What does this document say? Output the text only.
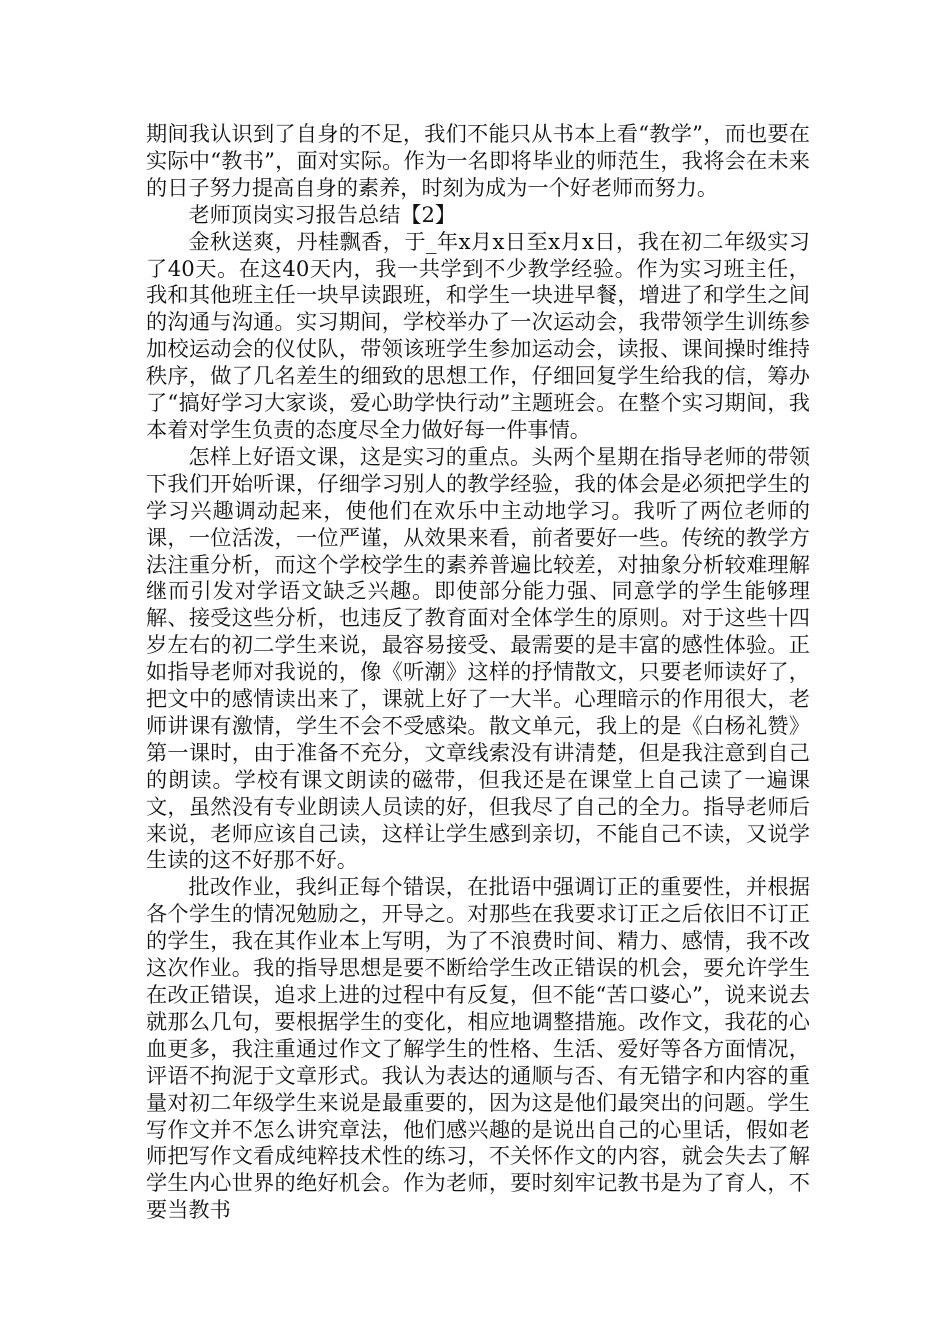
期间我认识到了自身的不足，我们不能只从书本上看“教学”，而也要在实际中“教书”，面对实际。作为一名即将毕业的师范生，我将会在未来的日子努力提高自身的素养，时刻为成为一个好老师而努力。

老师顶岗实习报告总结【2】

金秋送爽，丹桂飘香，于_年x月x日至x月x日，我在初二年级实习了40天。在这40天内，我一共学到不少教学经验。作为实习班主任，我和其他班主任一块早读跟班，和学生一块进早餐，增进了和学生之间的沟通与沟通。实习期间，学校举办了一次运动会，我带领学生训练参加校运动会的仪仗队，带领该班学生参加运动会，读报、课间操时维持秩序，做了几名差生的细致的思想工作，仔细回复学生给我的信，筹办了“搞好学习大家谈，爱心助学快行动”主题班会。在整个实习期间，我本着对学生负责的态度尽全力做好每一件事情。

怎样上好语文课，这是实习的重点。头两个星期在指导老师的带领下我们开始听课，仔细学习别人的教学经验，我的体会是必须把学生的学习兴趣调动起来，使他们在欢乐中主动地学习。我听了两位老师的课，一位活泼，一位严谨，从效果来看，前者要好一些。传统的教学方法注重分析，而这个学校学生的素养普遍比较差，对抽象分析较难理解继而引发对学语文缺乏兴趣。即使部分能力强、同意学的学生能够理解、接受这些分析，也违反了教育面对全体学生的原则。对于这些十四岁左右的初二学生来说，最容易接受、最需要的是丰富的感性体验。正如指导老师对我说的，像《听潮》这样的抒情散文，只要老师读好了，把文中的感情读出来了，课就上好了一大半。心理暗示的作用很大，老师讲课有激情，学生不会不受感染。散文单元，我上的是《白杨礼赞》第一课时，由于准备不充分，文章线索没有讲清楚，但是我注意到自己的朗读。学校有课文朗读的磁带，但我还是在课堂上自己读了一遍课文，虽然没有专业朗读人员读的好，但我尽了自己的全力。指导老师后来说，老师应该自己读，这样让学生感到亲切，不能自己不读，又说学生读的这不好那不好。

批改作业，我纠正每个错误，在批语中强调订正的重要性，并根据各个学生的情况勉励之，开导之。对那些在我要求订正之后依旧不订正的学生，我在其作业本上写明，为了不浪费时间、精力、感情，我不改这次作业。我的指导思想是要不断给学生改正错误的机会，要允许学生在改正错误，追求上进的过程中有反复，但不能“苦口婆心”，说来说去就那么几句，要根据学生的变化，相应地调整措施。改作文，我花的心血更多，我注重通过作文了解学生的性格、生活、爱好等各方面情况，评语不拘泥于文章形式。我认为表达的通顺与否、有无错字和内容的重量对初二年级学生来说是最重要的，因为这是他们最突出的问题。学生写作文并不怎么讲究章法，他们感兴趣的是说出自己的心里话，假如老师把写作文看成纯粹技术性的练习，不关怀作文的内容，就会失去了解学生内心世界的绝好机会。作为老师，要时刻牢记教书是为了育人，不要当教书
